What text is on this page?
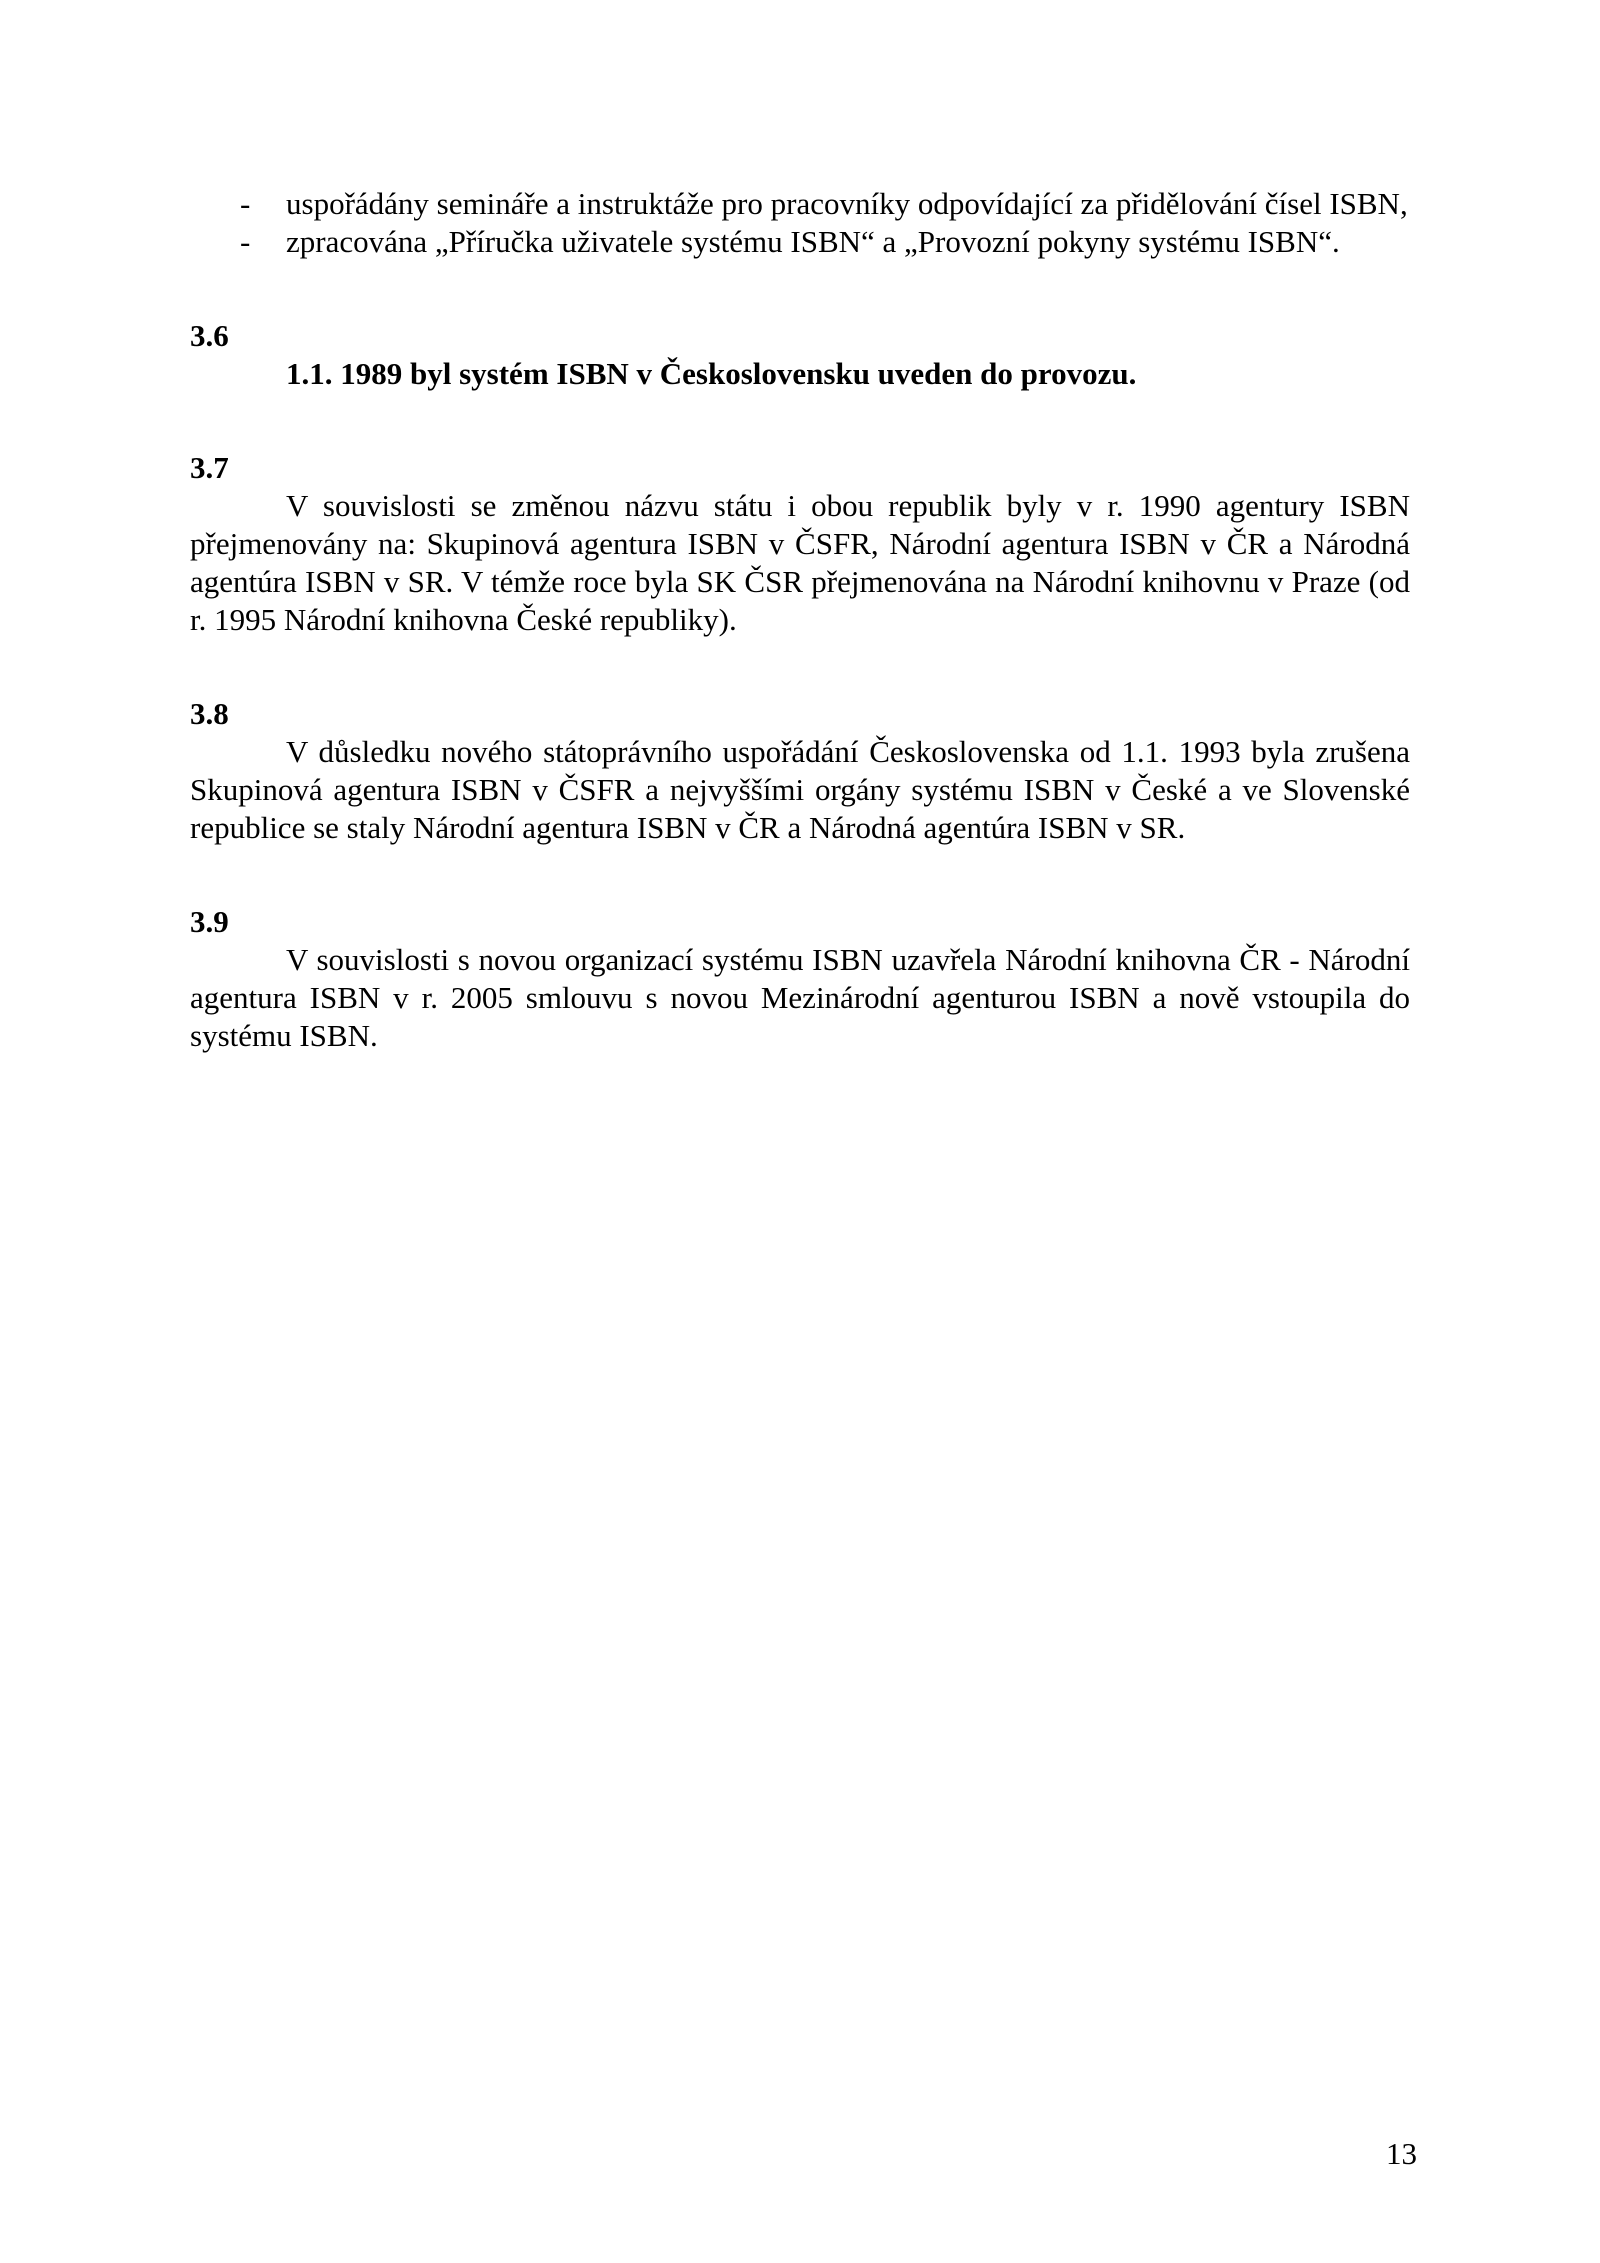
-	uspořádány semináře a instruktáže pro pracovníky odpovídající za přidělování čísel ISBN,
-	zpracována „Příručka uživatele systému ISBN“ a „Provozní pokyny systému ISBN“.

3.6

1.1. 1989 byl systém ISBN v Československu uveden do provozu.

3.7

V souvislosti se změnou názvu státu i obou republik byly v r. 1990 agentury ISBN přejmenovány na: Skupinová agentura ISBN v ČSFR, Národní agentura ISBN v ČR a Národná agentúra ISBN v SR. V témže roce byla SK ČSR přejmenována na Národní knihovnu v Praze (od r. 1995 Národní knihovna České republiky).

3.8

V důsledku nového státoprávního uspořádání Československa od 1.1. 1993 byla zrušena Skupinová agentura ISBN v ČSFR a nejvyššími orgány systému ISBN v České a ve Slovenské republice se staly Národní agentura ISBN v ČR a Národná agentúra ISBN v SR.

3.9

V souvislosti s novou organizací systému ISBN uzavřela Národní knihovna ČR - Národní agentura ISBN v r. 2005 smlouvu s novou Mezinárodní agenturou ISBN a nově vstoupila do systému ISBN.

13
